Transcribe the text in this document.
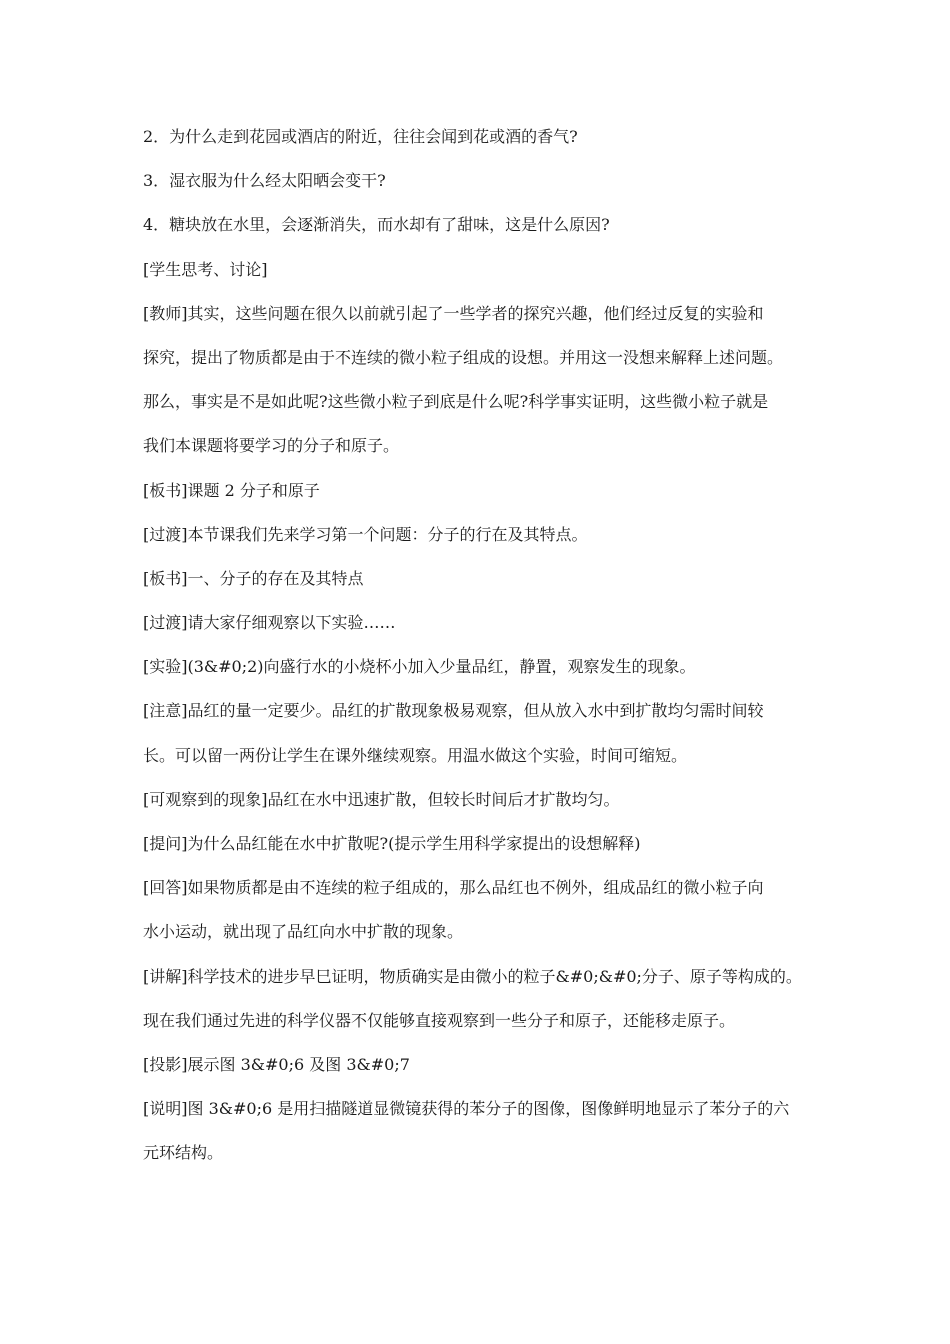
2．为什么走到花园或酒店的附近，往往会闻到花或酒的香气?
3．湿衣服为什么经太阳晒会变干?
4．糖块放在水里，会逐渐消失，而水却有了甜味，这是什么原因?
[学生思考、讨论]
[教师]其实，这些问题在很久以前就引起了一些学者的探究兴趣，他们经过反复的实验和
探究，提出了物质都是由于不连续的微小粒子组成的设想。并用这一没想来解释上述问题。
那么，事实是不是如此呢?这些微小粒子到底是什么呢?科学事实证明，这些微小粒子就是
我们本课题将要学习的分子和原子。
[板书]课题 2 分子和原子
[过渡]本节课我们先来学习第一个问题：分子的行在及其特点。
[板书]一、分子的存在及其特点
[过渡]请大家仔细观察以下实验……
[实验](3&#0;2)向盛行水的小烧杯小加入少量品红，静置，观察发生的现象。
[注意]品红的量一定要少。品红的扩散现象极易观察，但从放入水中到扩散均匀需时间较
长。可以留一两份让学生在课外继续观察。用温水做这个实验，时间可缩短。
[可观察到的现象]品红在水中迅速扩散，但较长时间后才扩散均匀。
[提问]为什么品红能在水中扩散呢?(提示学生用科学家提出的设想解释)
[回答]如果物质都是由不连续的粒子组成的，那么品红也不例外，组成品红的微小粒子向
水小运动，就出现了品红向水中扩散的现象。
[讲解]科学技术的进步早巳证明，物质确实是由微小的粒子&#0;&#0;分子、原子等构成的。
现在我们通过先进的科学仪器不仅能够直接观察到一些分子和原子，还能移走原子。
[投影]展示图 3&#0;6 及图 3&#0;7
[说明]图 3&#0;6 是用扫描隧道显微镜获得的苯分子的图像，图像鲜明地显示了苯分子的六
元环结构。
